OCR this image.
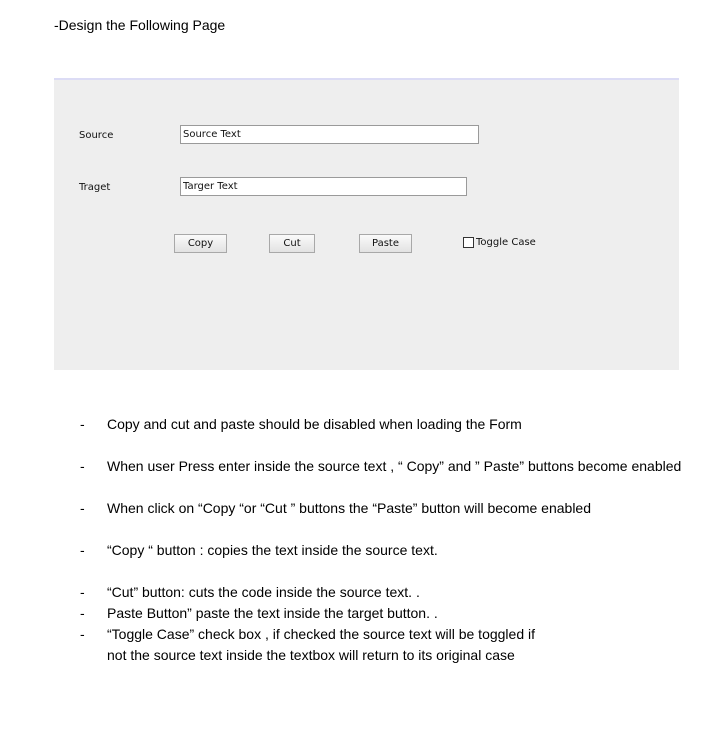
-Design the Following Page
Source
Source Text
Traget
Targer Text
Copy	Cut	Paste	Toggle Case
-	Copy and cut and paste should be disabled when loading the Form
-	When user Press enter inside the source text , “ Copy” and ” Paste” buttons become enabled
-	When click on “Copy “or “Cut ” buttons the “Paste” button will become enabled
-	“Copy “ button : copies the text inside the source text.
-	“Cut” button: cuts the code inside the source text. .
-	Paste Button” paste the text inside the target button. .
-	“Toggle Case” check box , if checked the source text will be toggled if not the source text inside the textbox will return to its original case
